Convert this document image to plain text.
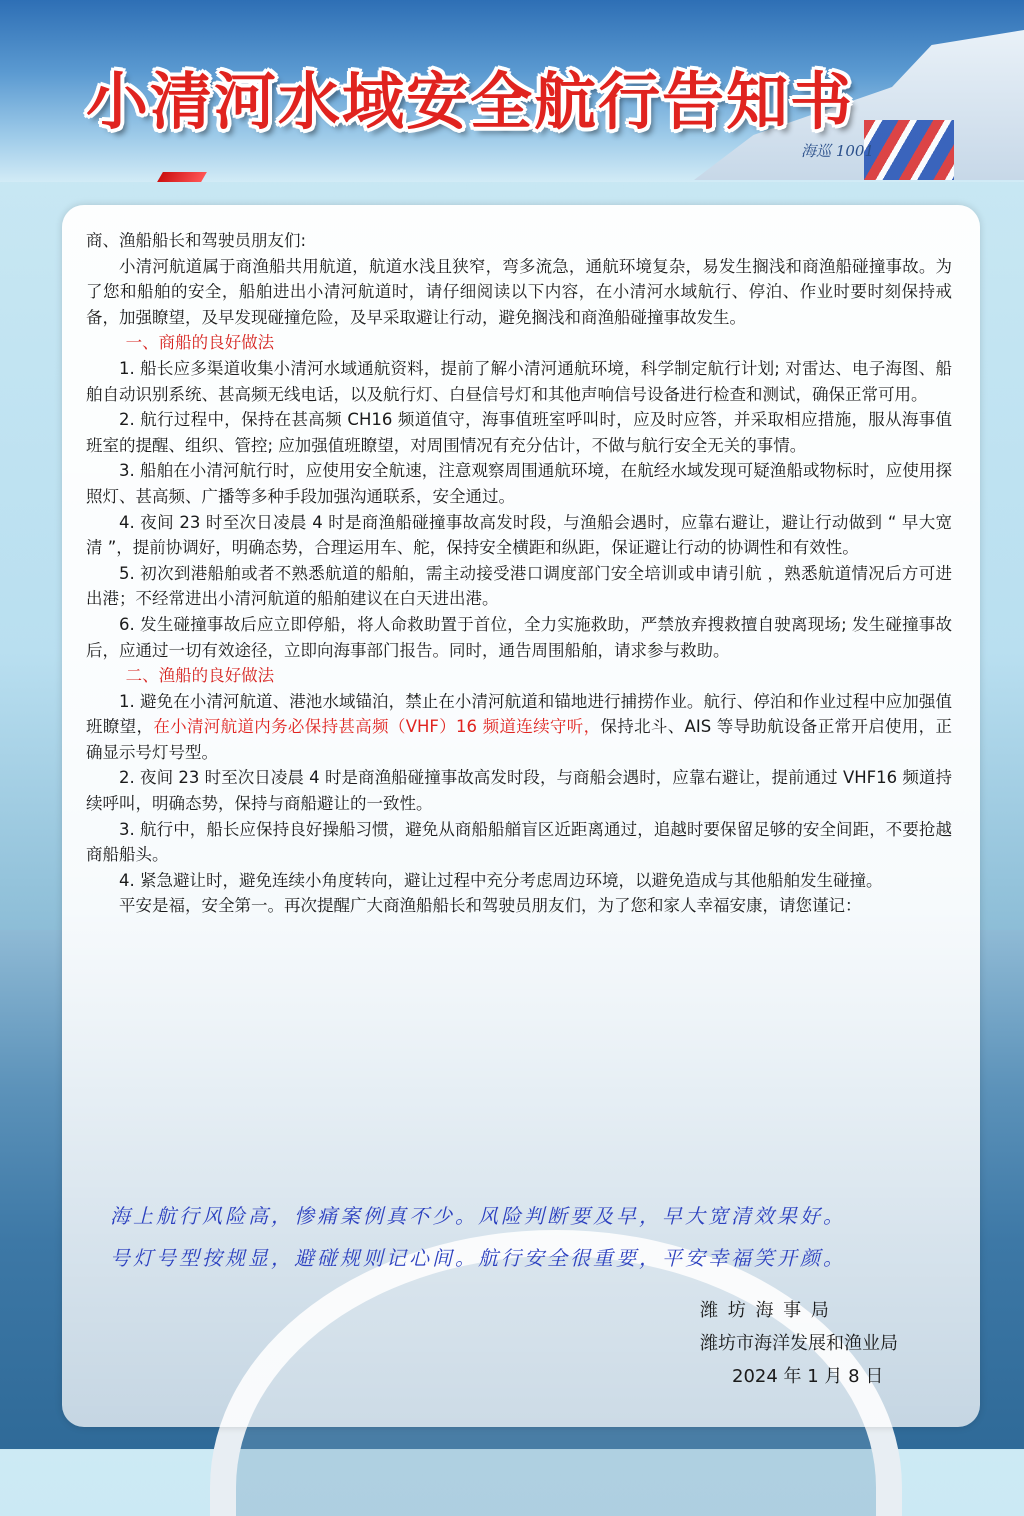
海巡 1001
小清河水域安全航行告知书

商、渔船船长和驾驶员朋友们:

小清河航道属于商渔船共用航道，航道水浅且狭窄，弯多流急，通航环境复杂，易发生搁浅和商渔船碰撞事故。为了您和船舶的安全，船舶进出小清河航道时，请仔细阅读以下内容，在小清河水域航行、停泊、作业时要时刻保持戒备，加强瞭望，及早发现碰撞危险，及早采取避让行动，避免搁浅和商渔船碰撞事故发生。

一、商船的良好做法

1. 船长应多渠道收集小清河水域通航资料，提前了解小清河通航环境，科学制定航行计划; 对雷达、电子海图、船舶自动识别系统、甚高频无线电话，以及航行灯、白昼信号灯和其他声响信号设备进行检查和测试，确保正常可用。

2. 航行过程中，保持在甚高频 CH16 频道值守，海事值班室呼叫时，应及时应答，并采取相应措施，服从海事值班室的提醒、组织、管控; 应加强值班瞭望，对周围情况有充分估计，不做与航行安全无关的事情。

3. 船舶在小清河航行时，应使用安全航速，注意观察周围通航环境，在航经水域发现可疑渔船或物标时，应使用探照灯、甚高频、广播等多种手段加强沟通联系，安全通过。

4. 夜间 23 时至次日凌晨 4 时是商渔船碰撞事故高发时段，与渔船会遇时，应靠右避让，避让行动做到 “ 早大宽清 ”，提前协调好，明确态势，合理运用车、舵，保持安全横距和纵距，保证避让行动的协调性和有效性。

5. 初次到港船舶或者不熟悉航道的船舶，需主动接受港口调度部门安全培训或申请引航 ，熟悉航道情况后方可进出港；不经常进出小清河航道的船舶建议在白天进出港。

6. 发生碰撞事故后应立即停船，将人命救助置于首位，全力实施救助，严禁放弃搜救擅自驶离现场; 发生碰撞事故后，应通过一切有效途径，立即向海事部门报告。同时，通告周围船舶，请求参与救助。

二、渔船的良好做法

1. 避免在小清河航道、港池水域锚泊，禁止在小清河航道和锚地进行捕捞作业。航行、停泊和作业过程中应加强值班瞭望，在小清河航道内务必保持甚高频（VHF）16 频道连续守听，保持北斗、AIS 等导助航设备正常开启使用，正确显示号灯号型。

2. 夜间 23 时至次日凌晨 4 时是商渔船碰撞事故高发时段，与商船会遇时，应靠右避让，提前通过 VHF16 频道持续呼叫，明确态势，保持与商船避让的一致性。

3. 航行中，船长应保持良好操船习惯，避免从商船船艏盲区近距离通过，追越时要保留足够的安全间距，不要抢越商船船头。

4. 紧急避让时，避免连续小角度转向，避让过程中充分考虑周边环境，以避免造成与其他船舶发生碰撞。

平安是福，安全第一。再次提醒广大商渔船船长和驾驶员朋友们，为了您和家人幸福安康，请您谨记：

海上航行风险高，惨痛案例真不少。风险判断要及早，早大宽清效果好。
号灯号型按规显，避碰规则记心间。航行安全很重要，平安幸福笑开颜。
潍 坊 海 事 局
潍坊市海洋发展和渔业局
2024 年 1 月 8 日
